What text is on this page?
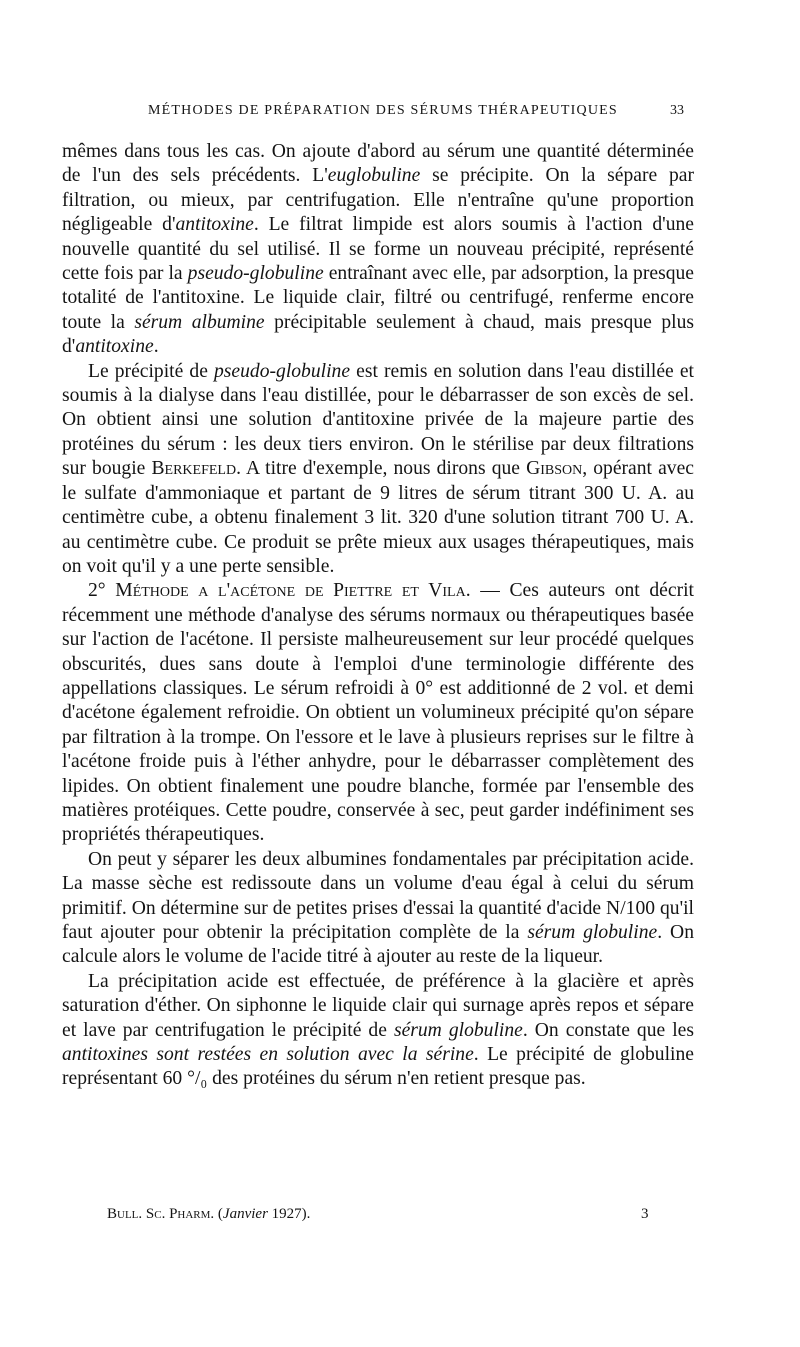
MÉTHODES DE PRÉPARATION DES SÉRUMS THÉRAPEUTIQUES	33

mêmes dans tous les cas. On ajoute d'abord au sérum une quantité déterminée de l'un des sels précédents. L'euglobuline se précipite. On la sépare par filtration, ou mieux, par centrifugation. Elle n'entraîne qu'une proportion négligeable d'antitoxine. Le filtrat limpide est alors soumis à l'action d'une nouvelle quantité du sel utilisé. Il se forme un nouveau précipité, représenté cette fois par la pseudo-globuline entraînant avec elle, par adsorption, la presque totalité de l'antitoxine. Le liquide clair, filtré ou centrifugé, renferme encore toute la sérum albumine précipitable seulement à chaud, mais presque plus d'antitoxine.

Le précipité de pseudo-globuline est remis en solution dans l'eau distillée et soumis à la dialyse dans l'eau distillée, pour le débarrasser de son excès de sel. On obtient ainsi une solution d'antitoxine privée de la majeure partie des protéines du sérum : les deux tiers environ. On le stérilise par deux filtrations sur bougie Berkefeld. A titre d'exemple, nous dirons que Gibson, opérant avec le sulfate d'ammoniaque et partant de 9 litres de sérum titrant 300 U. A. au centimètre cube, a obtenu finalement 3 lit. 320 d'une solution titrant 700 U. A. au centimètre cube. Ce produit se prête mieux aux usages thérapeutiques, mais on voit qu'il y a une perte sensible.

2° Méthode a l'acétone de Piettre et Vila. — Ces auteurs ont décrit récemment une méthode d'analyse des sérums normaux ou thérapeutiques basée sur l'action de l'acétone. Il persiste malheureusement sur leur procédé quelques obscurités, dues sans doute à l'emploi d'une terminologie différente des appellations classiques. Le sérum refroidi à 0° est additionné de 2 vol. et demi d'acétone également refroidie. On obtient un volumineux précipité qu'on sépare par filtration à la trompe. On l'essore et le lave à plusieurs reprises sur le filtre à l'acétone froide puis à l'éther anhydre, pour le débarrasser complètement des lipides. On obtient finalement une poudre blanche, formée par l'ensemble des matières protéiques. Cette poudre, conservée à sec, peut garder indéfiniment ses propriétés thérapeutiques.

On peut y séparer les deux albumines fondamentales par précipitation acide. La masse sèche est redissoute dans un volume d'eau égal à celui du sérum primitif. On détermine sur de petites prises d'essai la quantité d'acide N/100 qu'il faut ajouter pour obtenir la précipitation complète de la sérum globuline. On calcule alors le volume de l'acide titré à ajouter au reste de la liqueur.

La précipitation acide est effectuée, de préférence à la glacière et après saturation d'éther. On siphonne le liquide clair qui surnage après repos et sépare et lave par centrifugation le précipité de sérum globuline. On constate que les antitoxines sont restées en solution avec la sérine. Le précipité de globuline représentant 60 °/₀ des protéines du sérum n'en retient presque pas.

Bull. Sc. Pharm. (Janvier 1927).	3
